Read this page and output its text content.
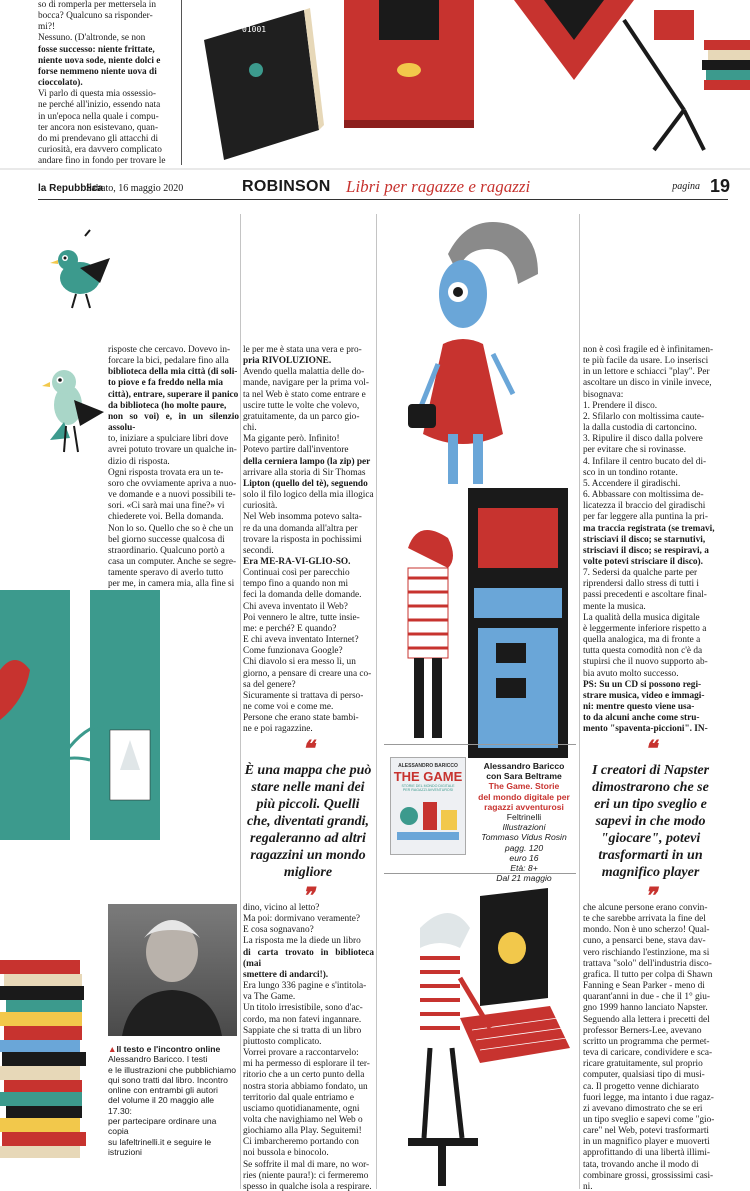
so di romperla per mettersela in

bocca? Qualcuno sa risponder-

mi?!

Nessuno. (D'altronde, se non

fosse successo: niente frittate,

niente uova sode, niente dolci e

forse nemmeno niente uova di

cioccolato).

Vi parlo di questa mia ossessio-

ne perché all'inizio, essendo nata

in un'epoca nella quale i compu-

ter ancora non esistevano, quan-

do mi prendevano gli attacchi di

curiosità, era davvero complicato

andare fino in fondo per trovare le

01001
la Repubblica
Sabato, 16 maggio 2020	ROBINSON Libri per ragazze e ragazzi	pagina 19

risposte che cercavo. Dovevo in-

forcare la bici, pedalare fino alla

biblioteca della mia città (di soli-

to piove e fa freddo nella mia

città), entrare, superare il panico

da biblioteca (ho molte paure,

non so voi) e, in un silenzio assolu-

to, iniziare a spulciare libri dove

avrei potuto trovare un qualche in-

dizio di risposta.

Ogni risposta trovata era un te-

soro che ovviamente apriva a nuo-

ve domande e a nuovi possibili te-

sori. «Ci sarà mai una fine?» vi

chiederete voi. Bella domanda.

Non lo so. Quello che so è che un

bel giorno successe qualcosa di

straordinario. Qualcuno portò a

casa un computer. Anche se segre-

tamente speravo di averlo tutto

per me, in camera mia, alla fine si

❝
È una mappa che può stare nelle mani dei più piccoli. Quelli che, diventati grandi, regaleranno ad altri ragazzini un mondo migliore
❞

le per me è stata una vera e pro-

pria RIVOLUZIONE.

Avendo quella malattia delle do-

mande, navigare per la prima vol-

ta nel Web è stato come entrare e

uscire tutte le volte che volevo,

gratuitamente, da un parco gio-

chi.

Ma gigante però. Infinito!

Potevo partire dall'inventore

della cerniera lampo (la zip) per

arrivare alla storia di Sir Thomas

Lipton (quello del tè), seguendo

solo il filo logico della mia illogica

curiosità.

Nel Web insomma potevo salta-

re da una domanda all'altra per

trovare la risposta in pochissimi

secondi.

Era ME-RA-VI-GLIO-SO.

Continuai così per parecchio

tempo fino a quando non mi

feci la domanda delle domande.

Chi aveva inventato il Web?

Poi vennero le altre, tutte insie-

me: e perché? E quando?

E chi aveva inventato Internet?

Come funzionava Google?

Chi diavolo si era messo lì, un

giorno, a pensare di creare una co-

sa del genere?

Sicuramente si trattava di perso-

ne come voi e come me.

Persone che erano state bambi-

ne e poi ragazzine.

non è così fragile ed è infinitamen-

te più facile da usare. Lo inserisci

in un lettore e schiacci "play". Per

ascoltare un disco in vinile invece,

bisognava:

1. Prendere il disco.

2. Sfilarlo con moltissima caute-

la dalla custodia di cartoncino.

3. Ripulire il disco dalla polvere

per evitare che si rovinasse.

4. Infilare il centro bucato del di-

sco in un tondino rotante.

5. Accendere il giradischi.

6. Abbassare con moltissima de-

licatezza il braccio del giradischi

per far leggere alla puntina la pri-

ma traccia registrata (se tremavi,

strisciavi il disco; se starnutivi,

strisciavi il disco; se respiravi, a

volte potevi strisciare il disco).

7. Sedersi da qualche parte per

riprendersi dallo stress di tutti i

passi precedenti e ascoltare final-

mente la musica.

La qualità della musica digitale

è leggermente inferiore rispetto a

quella analogica, ma di fronte a

tutta questa comodità non c'è da

stupirsi che il nuovo supporto ab-

bia avuto molto successo.

PS: Su un CD si possono regi-

strare musica, video e immagi-

ni: mentre questo viene usa-

to da alcuni anche come stru-

mento "spaventa-piccioni". IN-

❝
I creatori di Napster dimostrarono che se eri un tipo sveglio e sapevi in che modo "giocare", potevi trasformarti in un magnifico player
❞
ALESSANDRO BARICCO
THE GAME
STORIE DEL MONDO DIGITALE PER RAGAZZI AVVENTUROSI

Alessandro Baricco

con Sara Beltrame

The Game. Storie

del mondo digitale per

ragazzi avventurosi

Feltrinelli

Illustrazioni

Tommaso Vidus Rosin

pagg. 120

euro 16

Età: 8+

Dal 21 maggio

▲Il testo e l'incontro online

Alessandro Baricco. I testi

e le illustrazioni che pubblichiamo

qui sono tratti dal libro. Incontro

online con entrambi gli autori

del volume il 20 maggio alle 17.30:

per partecipare ordinare una copia

su lafeltrinelli.it e seguire le istruzioni

dino, vicino al letto?

Ma poi: dormivano veramente?

E cosa sognavano?

La risposta me la diede un libro

di carta trovato in biblioteca (mai

smettere di andarci!).

Era lungo 336 pagine e s'intitola-

va The Game.

Un titolo irresistibile, sono d'ac-

cordo, ma non fatevi ingannare.

Sappiate che si tratta di un libro

piuttosto complicato.

Vorrei provare a raccontarvelo:

mi ha permesso di esplorare il ter-

ritorio che a un certo punto della

nostra storia abbiamo fondato, un

territorio dal quale entriamo e

usciamo quotidianamente, ogni

volta che navighiamo nel Web o

giochiamo alla Play. Seguitemi!

Ci imbarcheremo portando con

noi bussola e binocolo.

Se soffrite il mal di mare, no wor-

ries (niente paura!): ci fermeremo

spesso in qualche isola a respirare.

che alcune persone erano convin-

te che sarebbe arrivata la fine del

mondo. Non è uno scherzo! Qual-

cuno, a pensarci bene, stava dav-

vero rischiando l'estinzione, ma si

trattava "solo" dell'industria disco-

grafica. Il tutto per colpa di Shawn

Fanning e Sean Parker - meno di

quarant'anni in due - che il 1° giu-

gno 1999 hanno lanciato Napster.

Seguendo alla lettera i precetti del

professor Berners-Lee, avevano

scritto un programma che permet-

teva di caricare, condividere e sca-

ricare gratuitamente, sul proprio

computer, qualsiasi tipo di musi-

ca. Il progetto venne dichiarato

fuori legge, ma intanto i due ragaz-

zi avevano dimostrato che se eri

un tipo sveglio e sapevi come "gio-

care" nel Web, potevi trasformarti

in un magnifico player e muoverti

approfittando di una libertà illimi-

tata, trovando anche il modo di

combinare grossi, grossissimi casi-

ni.
